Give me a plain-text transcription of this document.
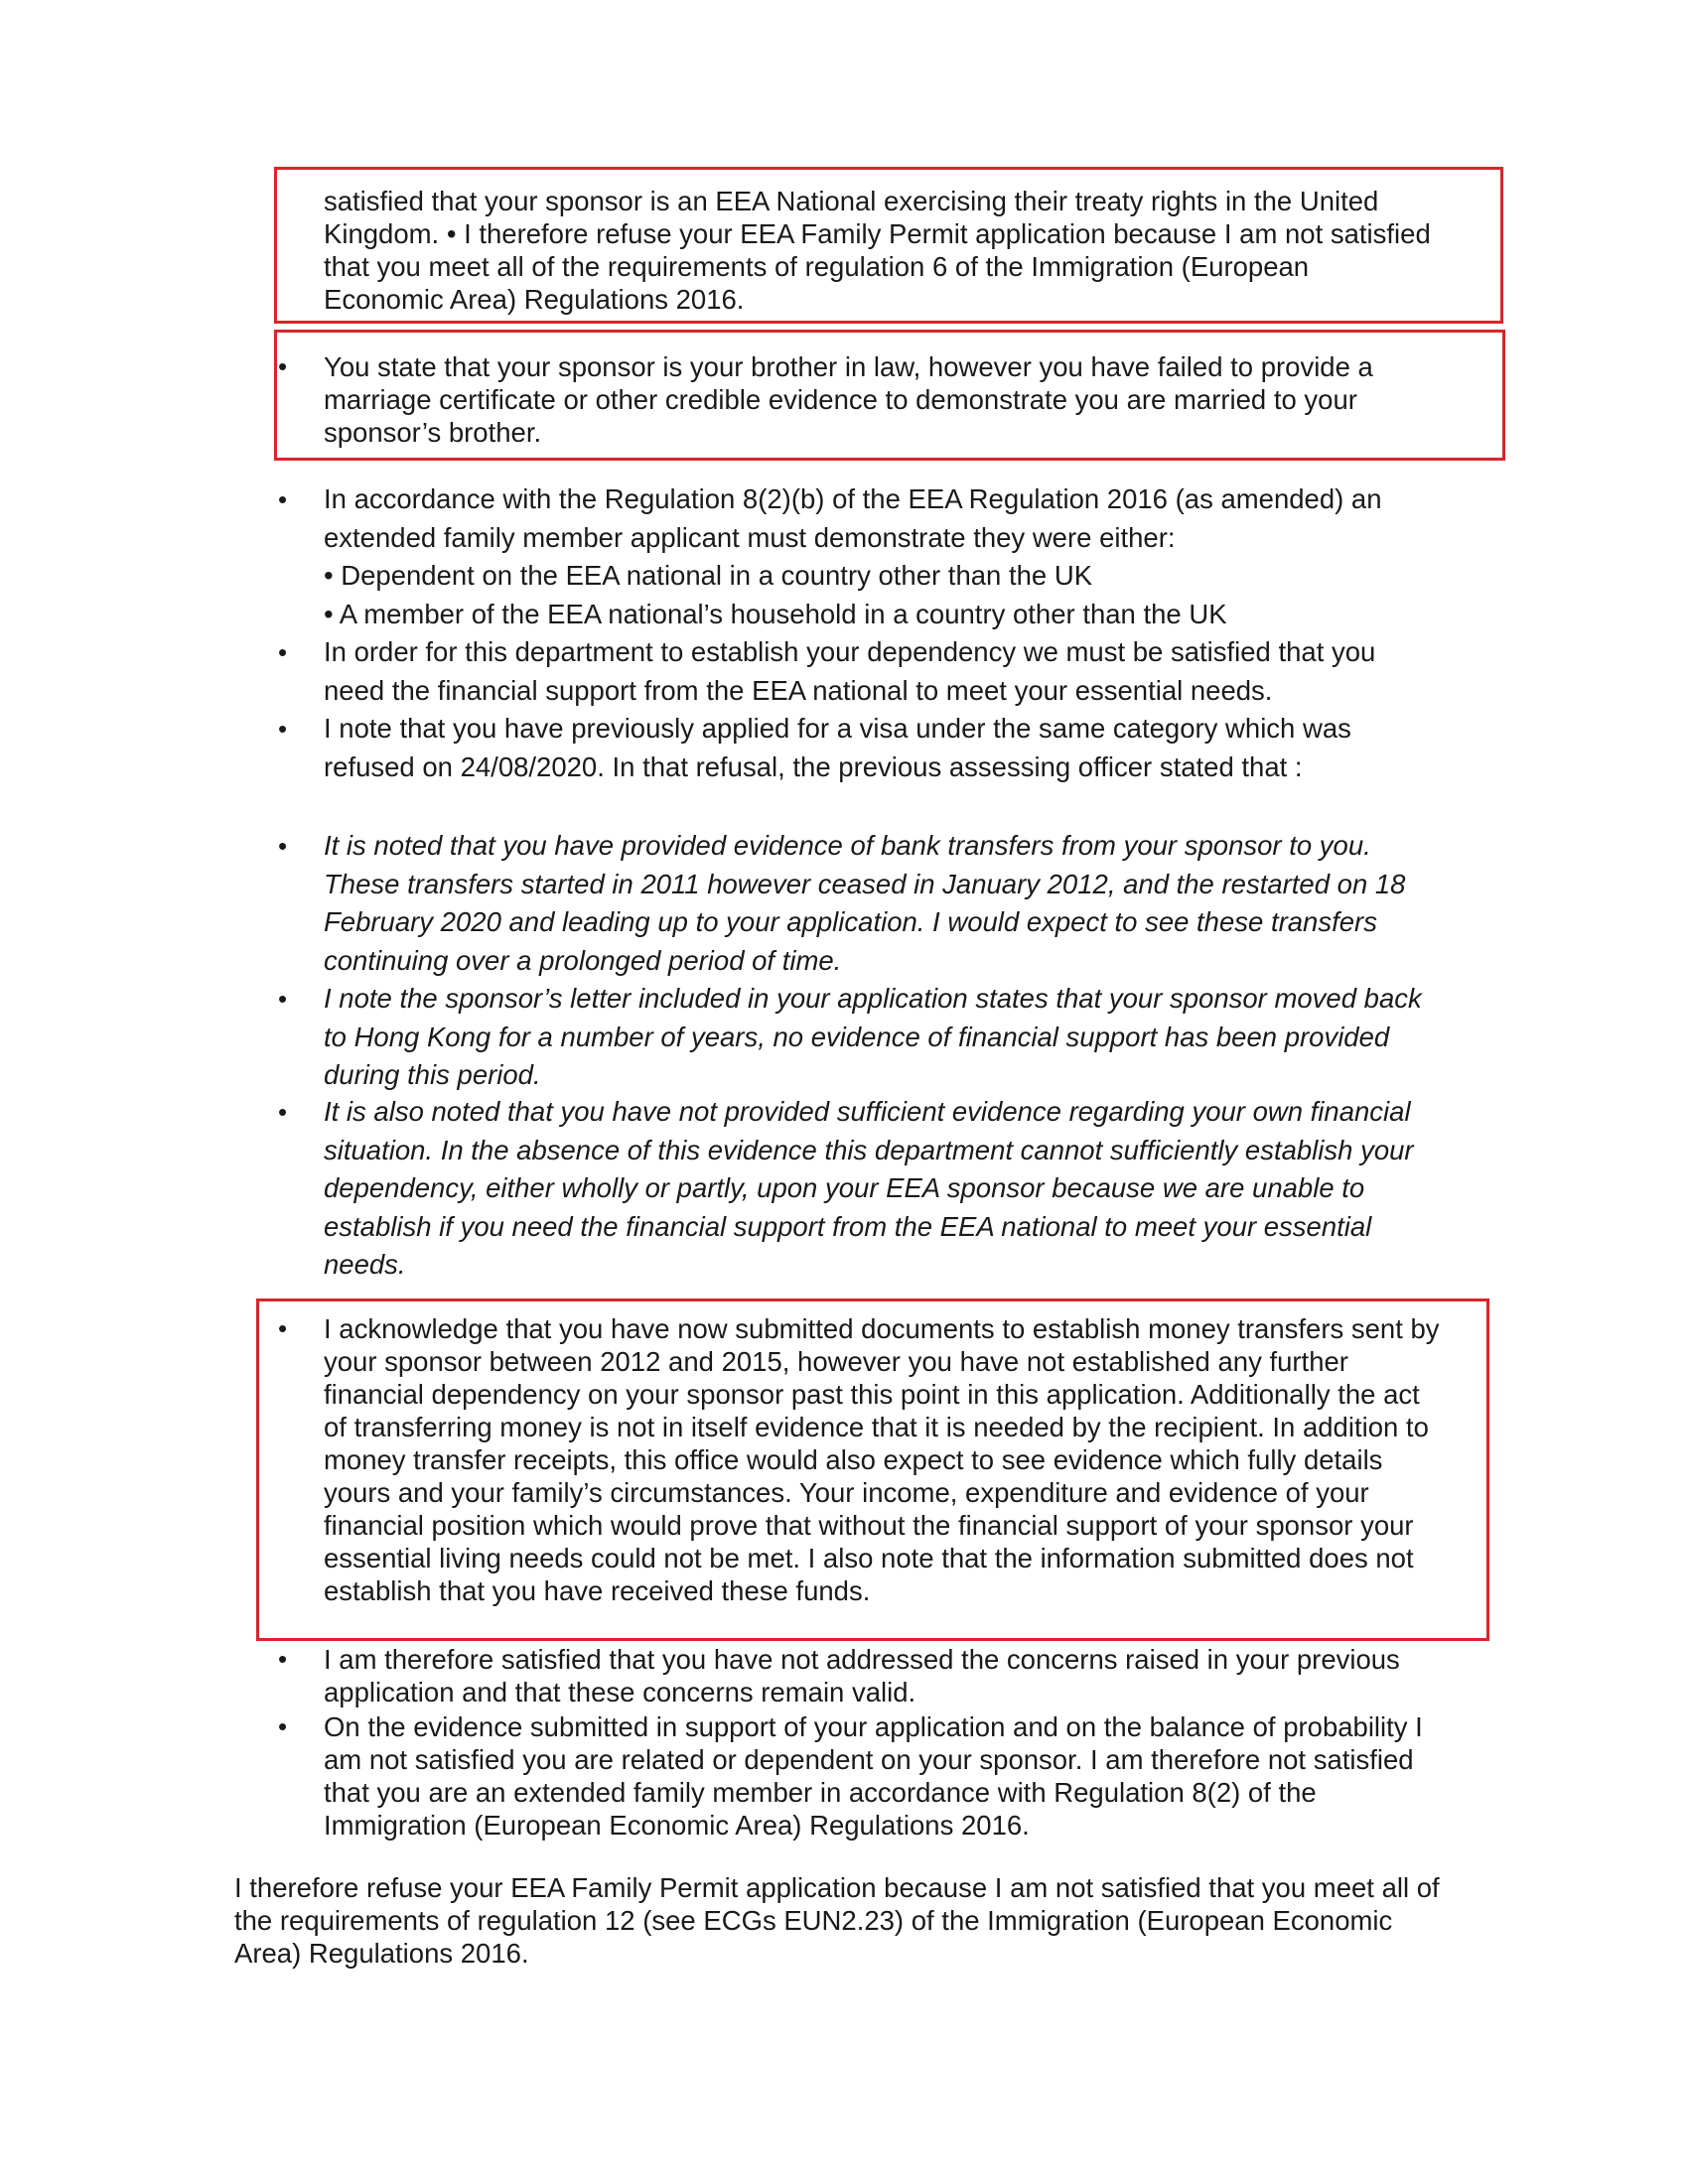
satisfied that your sponsor is an EEA National exercising their treaty rights in the United Kingdom. • I therefore refuse your EEA Family Permit application because I am not satisfied that you meet all of the requirements of regulation 6 of the Immigration (European Economic Area) Regulations 2016.

•	You state that your sponsor is your brother in law, however you have failed to provide a marriage certificate or other credible evidence to demonstrate you are married to your sponsor’s brother.
•	In accordance with the Regulation 8(2)(b) of the EEA Regulation 2016 (as amended) an extended family member applicant must demonstrate they were either:

• Dependent on the EEA national in a country other than the UK

• A member of the EEA national’s household in a country other than the UK

•	In order for this department to establish your dependency we must be satisfied that you need the financial support from the EEA national to meet your essential needs.
•	I note that you have previously applied for a visa under the same category which was refused on 24/08/2020. In that refusal, the previous assessing officer stated that :
•	It is noted that you have provided evidence of bank transfers from your sponsor to you. These transfers started in 2011 however ceased in January 2012, and the restarted on 18 February 2020 and leading up to your application. I would expect to see these transfers continuing over a prolonged period of time.
•	I note the sponsor’s letter included in your application states that your sponsor moved back to Hong Kong for a number of years, no evidence of financial support has been provided during this period.
•	It is also noted that you have not provided sufficient evidence regarding your own financial situation. In the absence of this evidence this department cannot sufficiently establish your dependency, either wholly or partly, upon your EEA sponsor because we are unable to establish if you need the financial support from the EEA national to meet your essential needs.
•	I acknowledge that you have now submitted documents to establish money transfers sent by your sponsor between 2012 and 2015, however you have not established any further financial dependency on your sponsor past this point in this application. Additionally the act of transferring money is not in itself evidence that it is needed by the recipient. In addition to money transfer receipts, this office would also expect to see evidence which fully details yours and your family’s circumstances. Your income, expenditure and evidence of your financial position which would prove that without the financial support of your sponsor your essential living needs could not be met. I also note that the information submitted does not establish that you have received these funds.
•	I am therefore satisfied that you have not addressed the concerns raised in your previous application and that these concerns remain valid.
•	On the evidence submitted in support of your application and on the balance of probability I am not satisfied you are related or dependent on your sponsor. I am therefore not satisfied that you are an extended family member in accordance with Regulation 8(2) of the Immigration (European Economic Area) Regulations 2016.

I therefore refuse your EEA Family Permit application because I am not satisfied that you meet all of the requirements of regulation 12 (see ECGs EUN2.23) of the Immigration (European Economic Area) Regulations 2016.
